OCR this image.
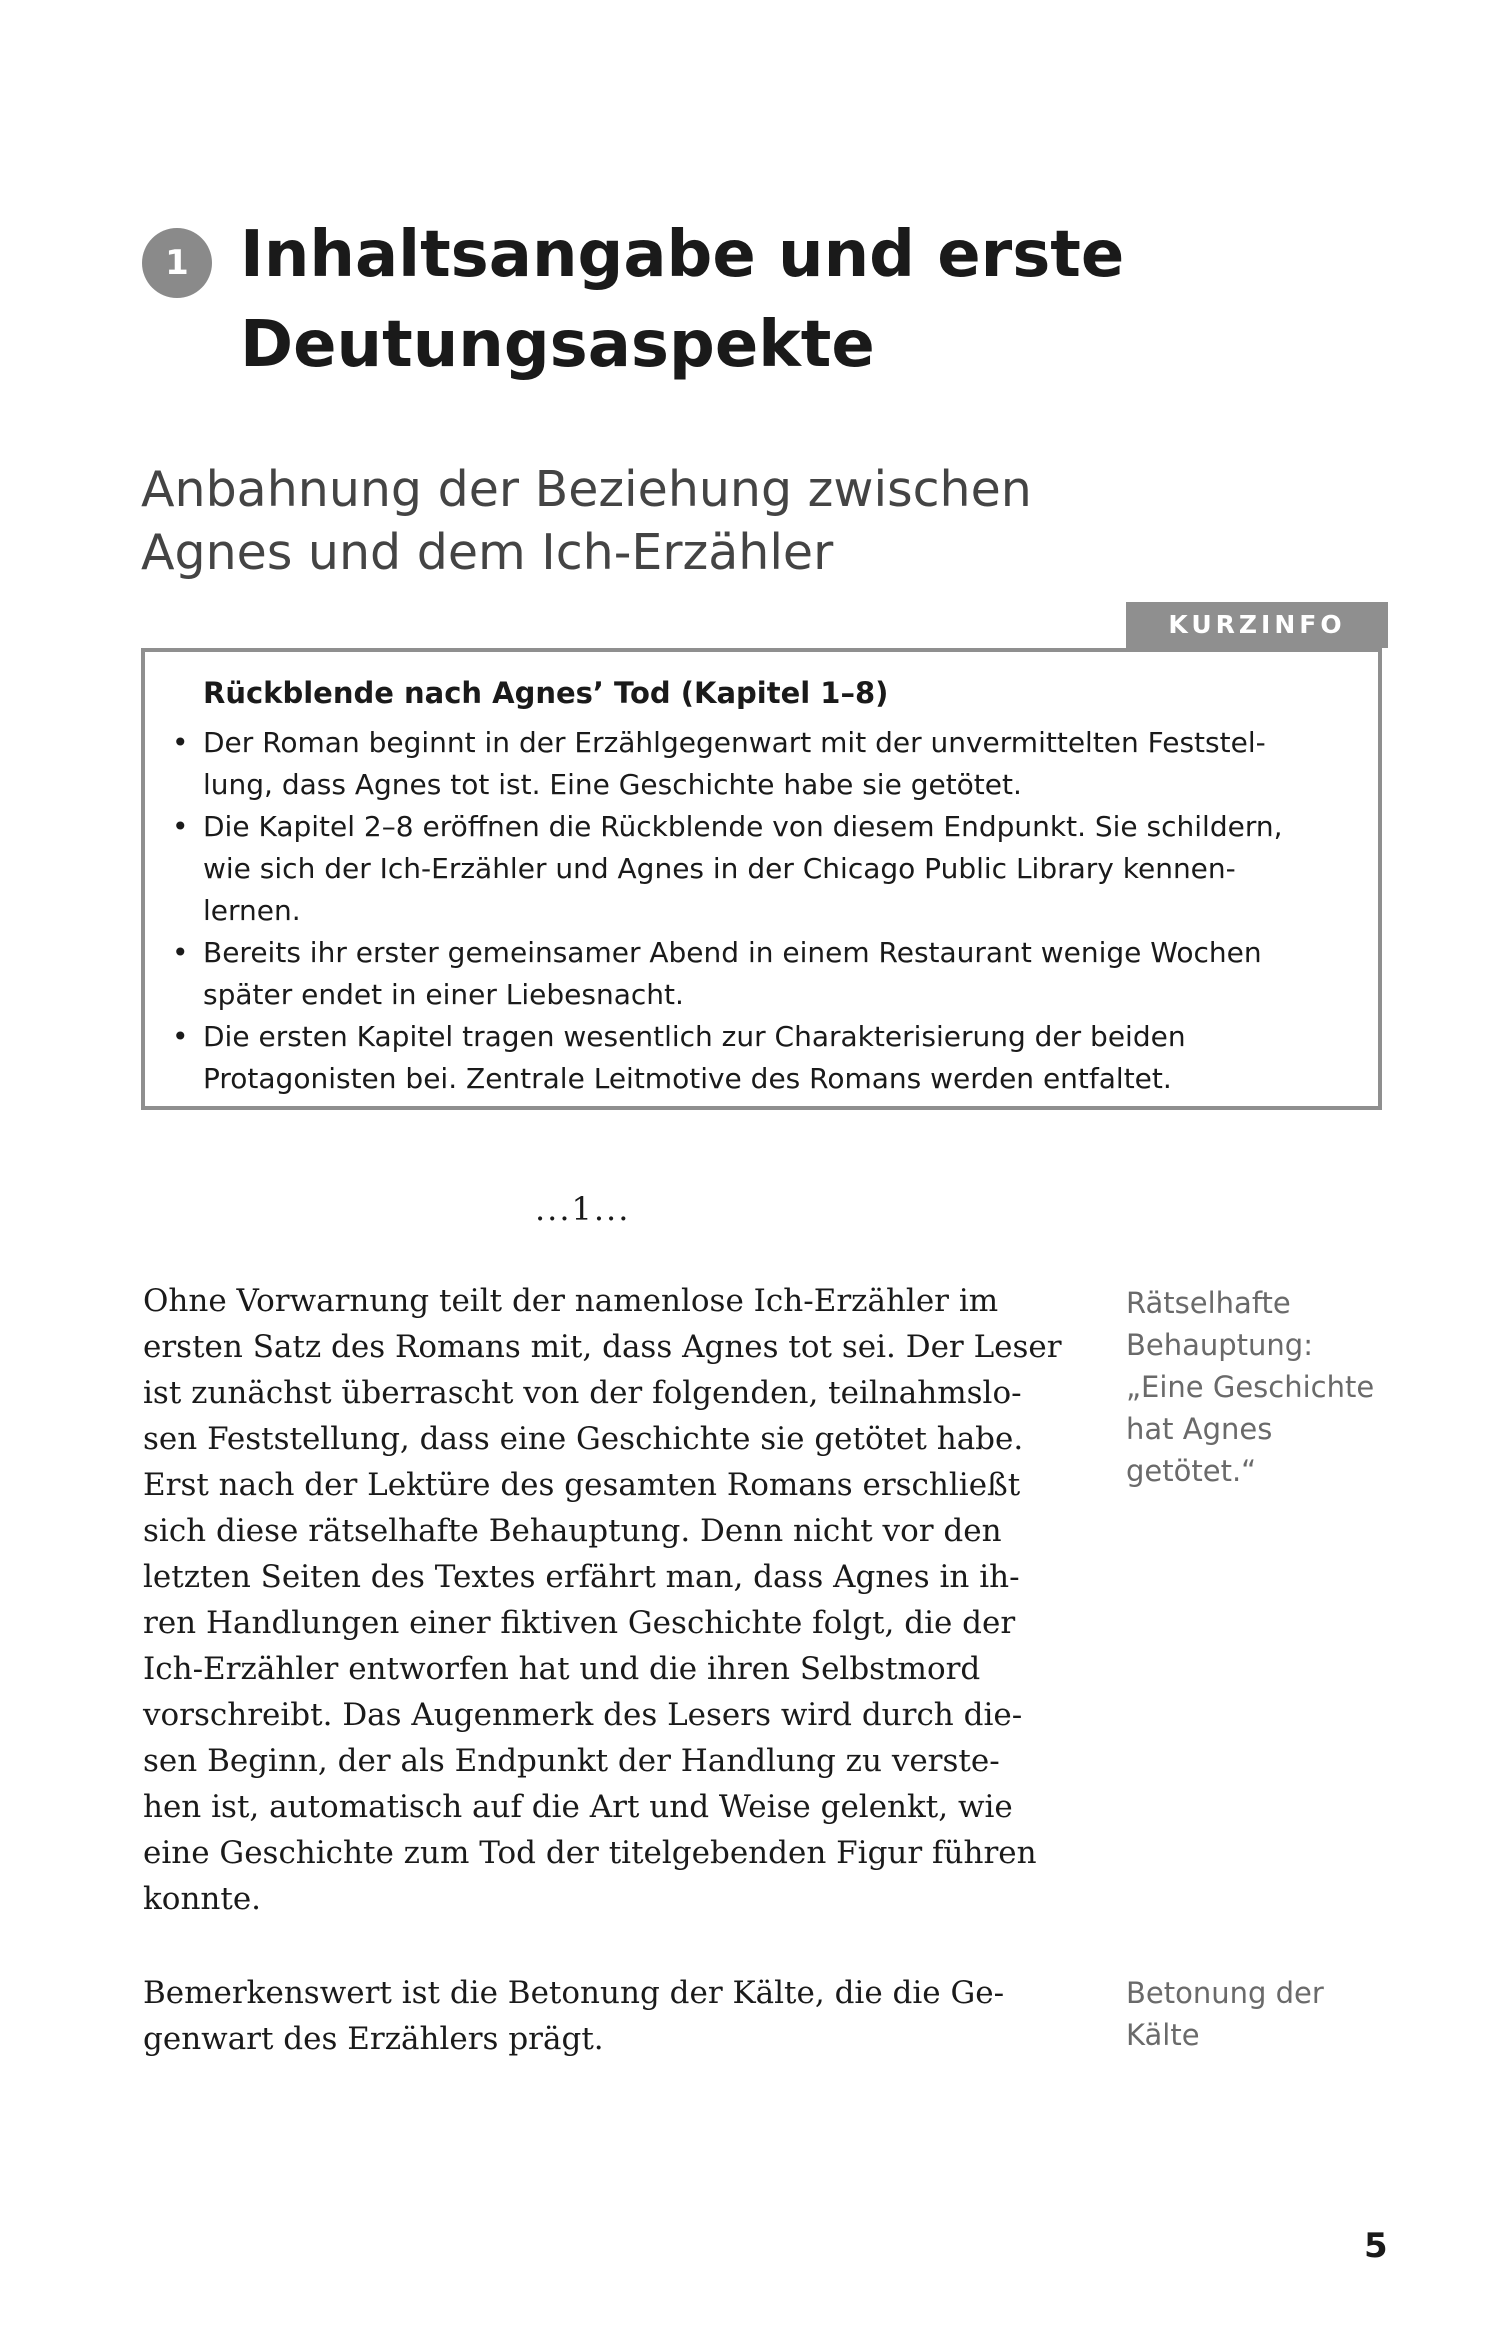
1 Inhaltsangabe und erste
Deutungsaspekte
Anbahnung der Beziehung zwischen
Agnes und dem Ich-Erzähler
KURZINFO
Rückblende nach Agnes’ Tod (Kapitel 1–8)
• Der Roman beginnt in der Erzählgegenwart mit der unvermittelten Feststel-
lung, dass Agnes tot ist. Eine Geschichte habe sie getötet.
• Die Kapitel 2–8 eröffnen die Rückblende von diesem Endpunkt. Sie schildern,
wie sich der Ich-Erzähler und Agnes in der Chicago Public Library kennen-
lernen.
• Bereits ihr erster gemeinsamer Abend in einem Restaurant wenige Wochen
später endet in einer Liebesnacht.
• Die ersten Kapitel tragen wesentlich zur Charakterisierung der beiden
Protagonisten bei. Zentrale Leitmotive des Romans werden entfaltet.
...1...

Ohne Vorwarnung teilt der namenlose Ich-Erzähler im
ersten Satz des Romans mit, dass Agnes tot sei. Der Leser
ist zunächst überrascht von der folgenden, teilnahmslo-
sen Feststellung, dass eine Geschichte sie getötet habe.
Erst nach der Lektüre des gesamten Romans erschließt
sich diese rätselhafte Behauptung. Denn nicht vor den
letzten Seiten des Textes erfährt man, dass Agnes in ih-
ren Handlungen einer fiktiven Geschichte folgt, die der
Ich-Erzähler entworfen hat und die ihren Selbstmord
vorschreibt. Das Augenmerk des Lesers wird durch die-
sen Beginn, der als Endpunkt der Handlung zu verste-
hen ist, automatisch auf die Art und Weise gelenkt, wie
eine Geschichte zum Tod der titelgebenden Figur führen
konnte.

Bemerkenswert ist die Betonung der Kälte, die die Ge-
genwart des Erzählers prägt.

Rätselhafte
Behauptung:
„Eine Geschichte
hat Agnes
getötet.“

Betonung der
Kälte

5
